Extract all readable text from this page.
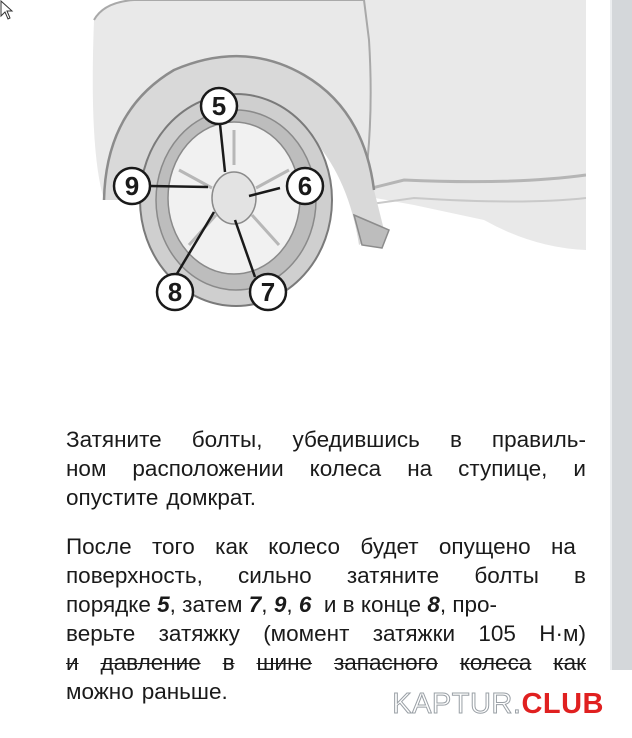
5
6
7
8
9
Затяните болты, убедившись в правиль-
ном расположении колеса на ступице, и
опустите домкрат.
После того как колесо будет опущено на
поверхность, сильно затяните болты в
порядке 5 , затем 7 , 9 , 6 и в конце 8 , про-
верьте затяжку (момент затяжки 105 Н·м)
и давление в шине запасного колеса как
можно раньше.	KAPTUR.CLUB
